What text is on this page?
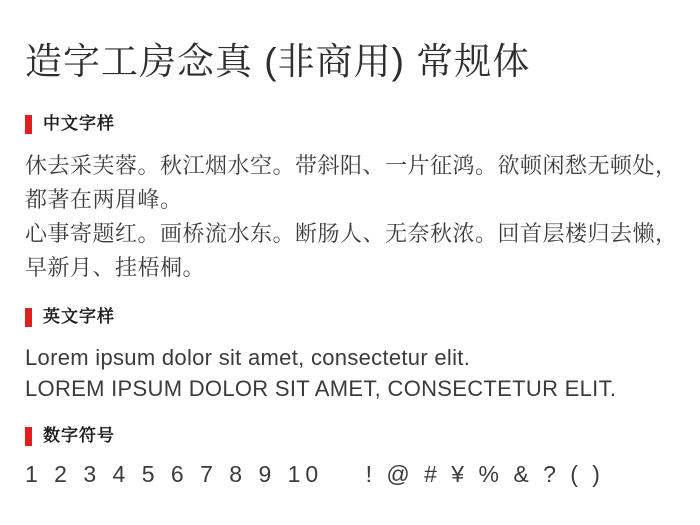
造字工房念真 (非商用) 常规体
中文字样
休去采芙蓉。秋江烟水空。带斜阳、一片征鸿。欲顿闲愁无顿处，
都著在两眉峰。
心事寄题红。画桥流水东。断肠人、无奈秋浓。回首层楼归去懒，
早新月、挂梧桐。
英文字样
Lorem ipsum dolor sit amet, consectetur elit.
LOREM IPSUM DOLOR SIT AMET, CONSECTETUR ELIT.
数字符号
1 2 3 4 5 6 7 8 9 10 ! @ # ¥ % & ? ( )
